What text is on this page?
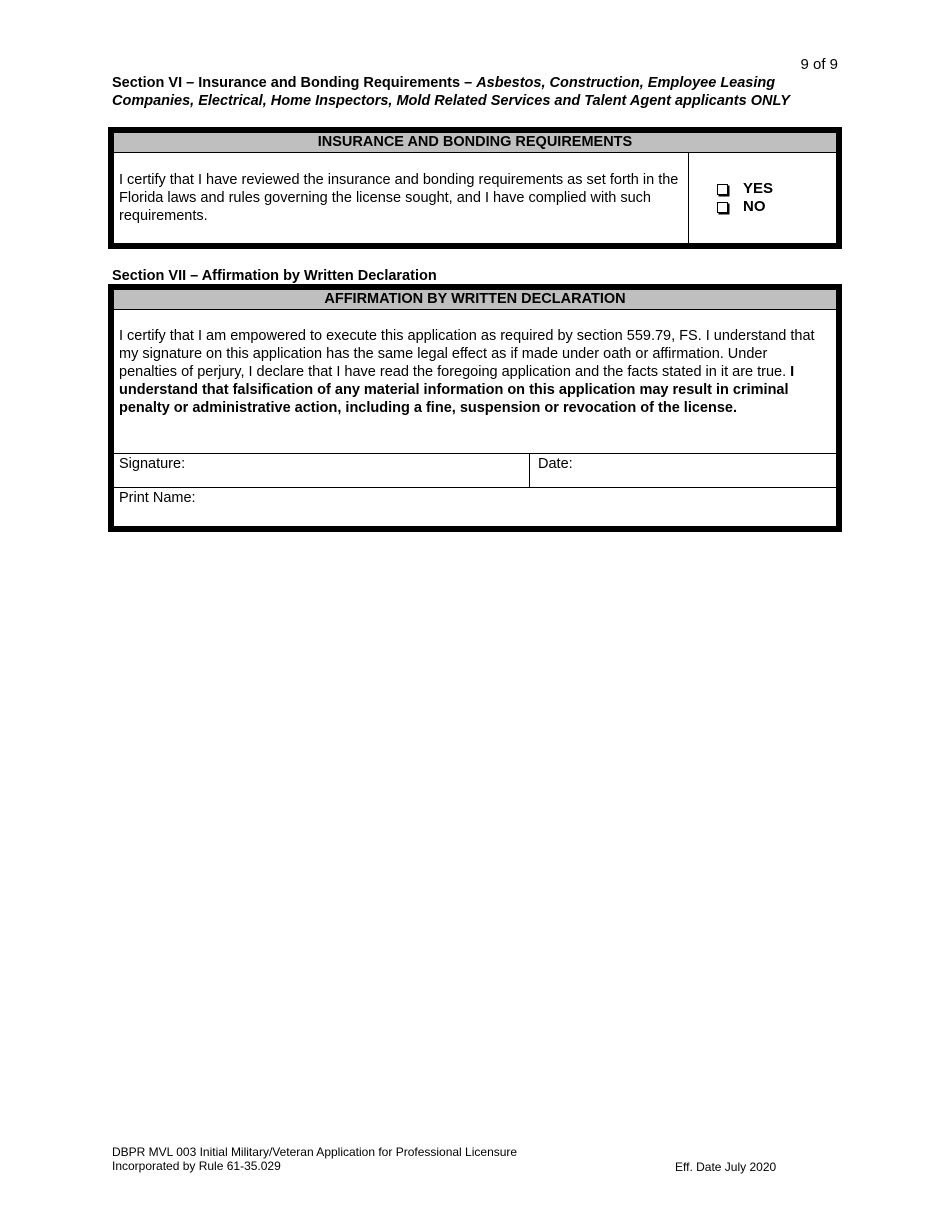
9 of 9
Section VI – Insurance and Bonding Requirements – Asbestos, Construction, Employee Leasing Companies, Electrical, Home Inspectors, Mold Related Services and Talent Agent applicants ONLY
INSURANCE AND BONDING REQUIREMENTS
I certify that I have reviewed the insurance and bonding requirements as set forth in the Florida laws and rules governing the license sought, and I have complied with such requirements.
YES
NO
Section VII – Affirmation by Written Declaration
AFFIRMATION BY WRITTEN DECLARATION
I certify that I am empowered to execute this application as required by section 559.79, FS. I understand that my signature on this application has the same legal effect as if made under oath or affirmation. Under penalties of perjury, I declare that I have read the foregoing application and the facts stated in it are true. I understand that falsification of any material information on this application may result in criminal penalty or administrative action, including a fine, suspension or revocation of the license.
Signature:	Date:
Print Name:
DBPR MVL 003 Initial Military/Veteran Application for Professional Licensure
Incorporated by Rule 61-35.029	Eff. Date July 2020
